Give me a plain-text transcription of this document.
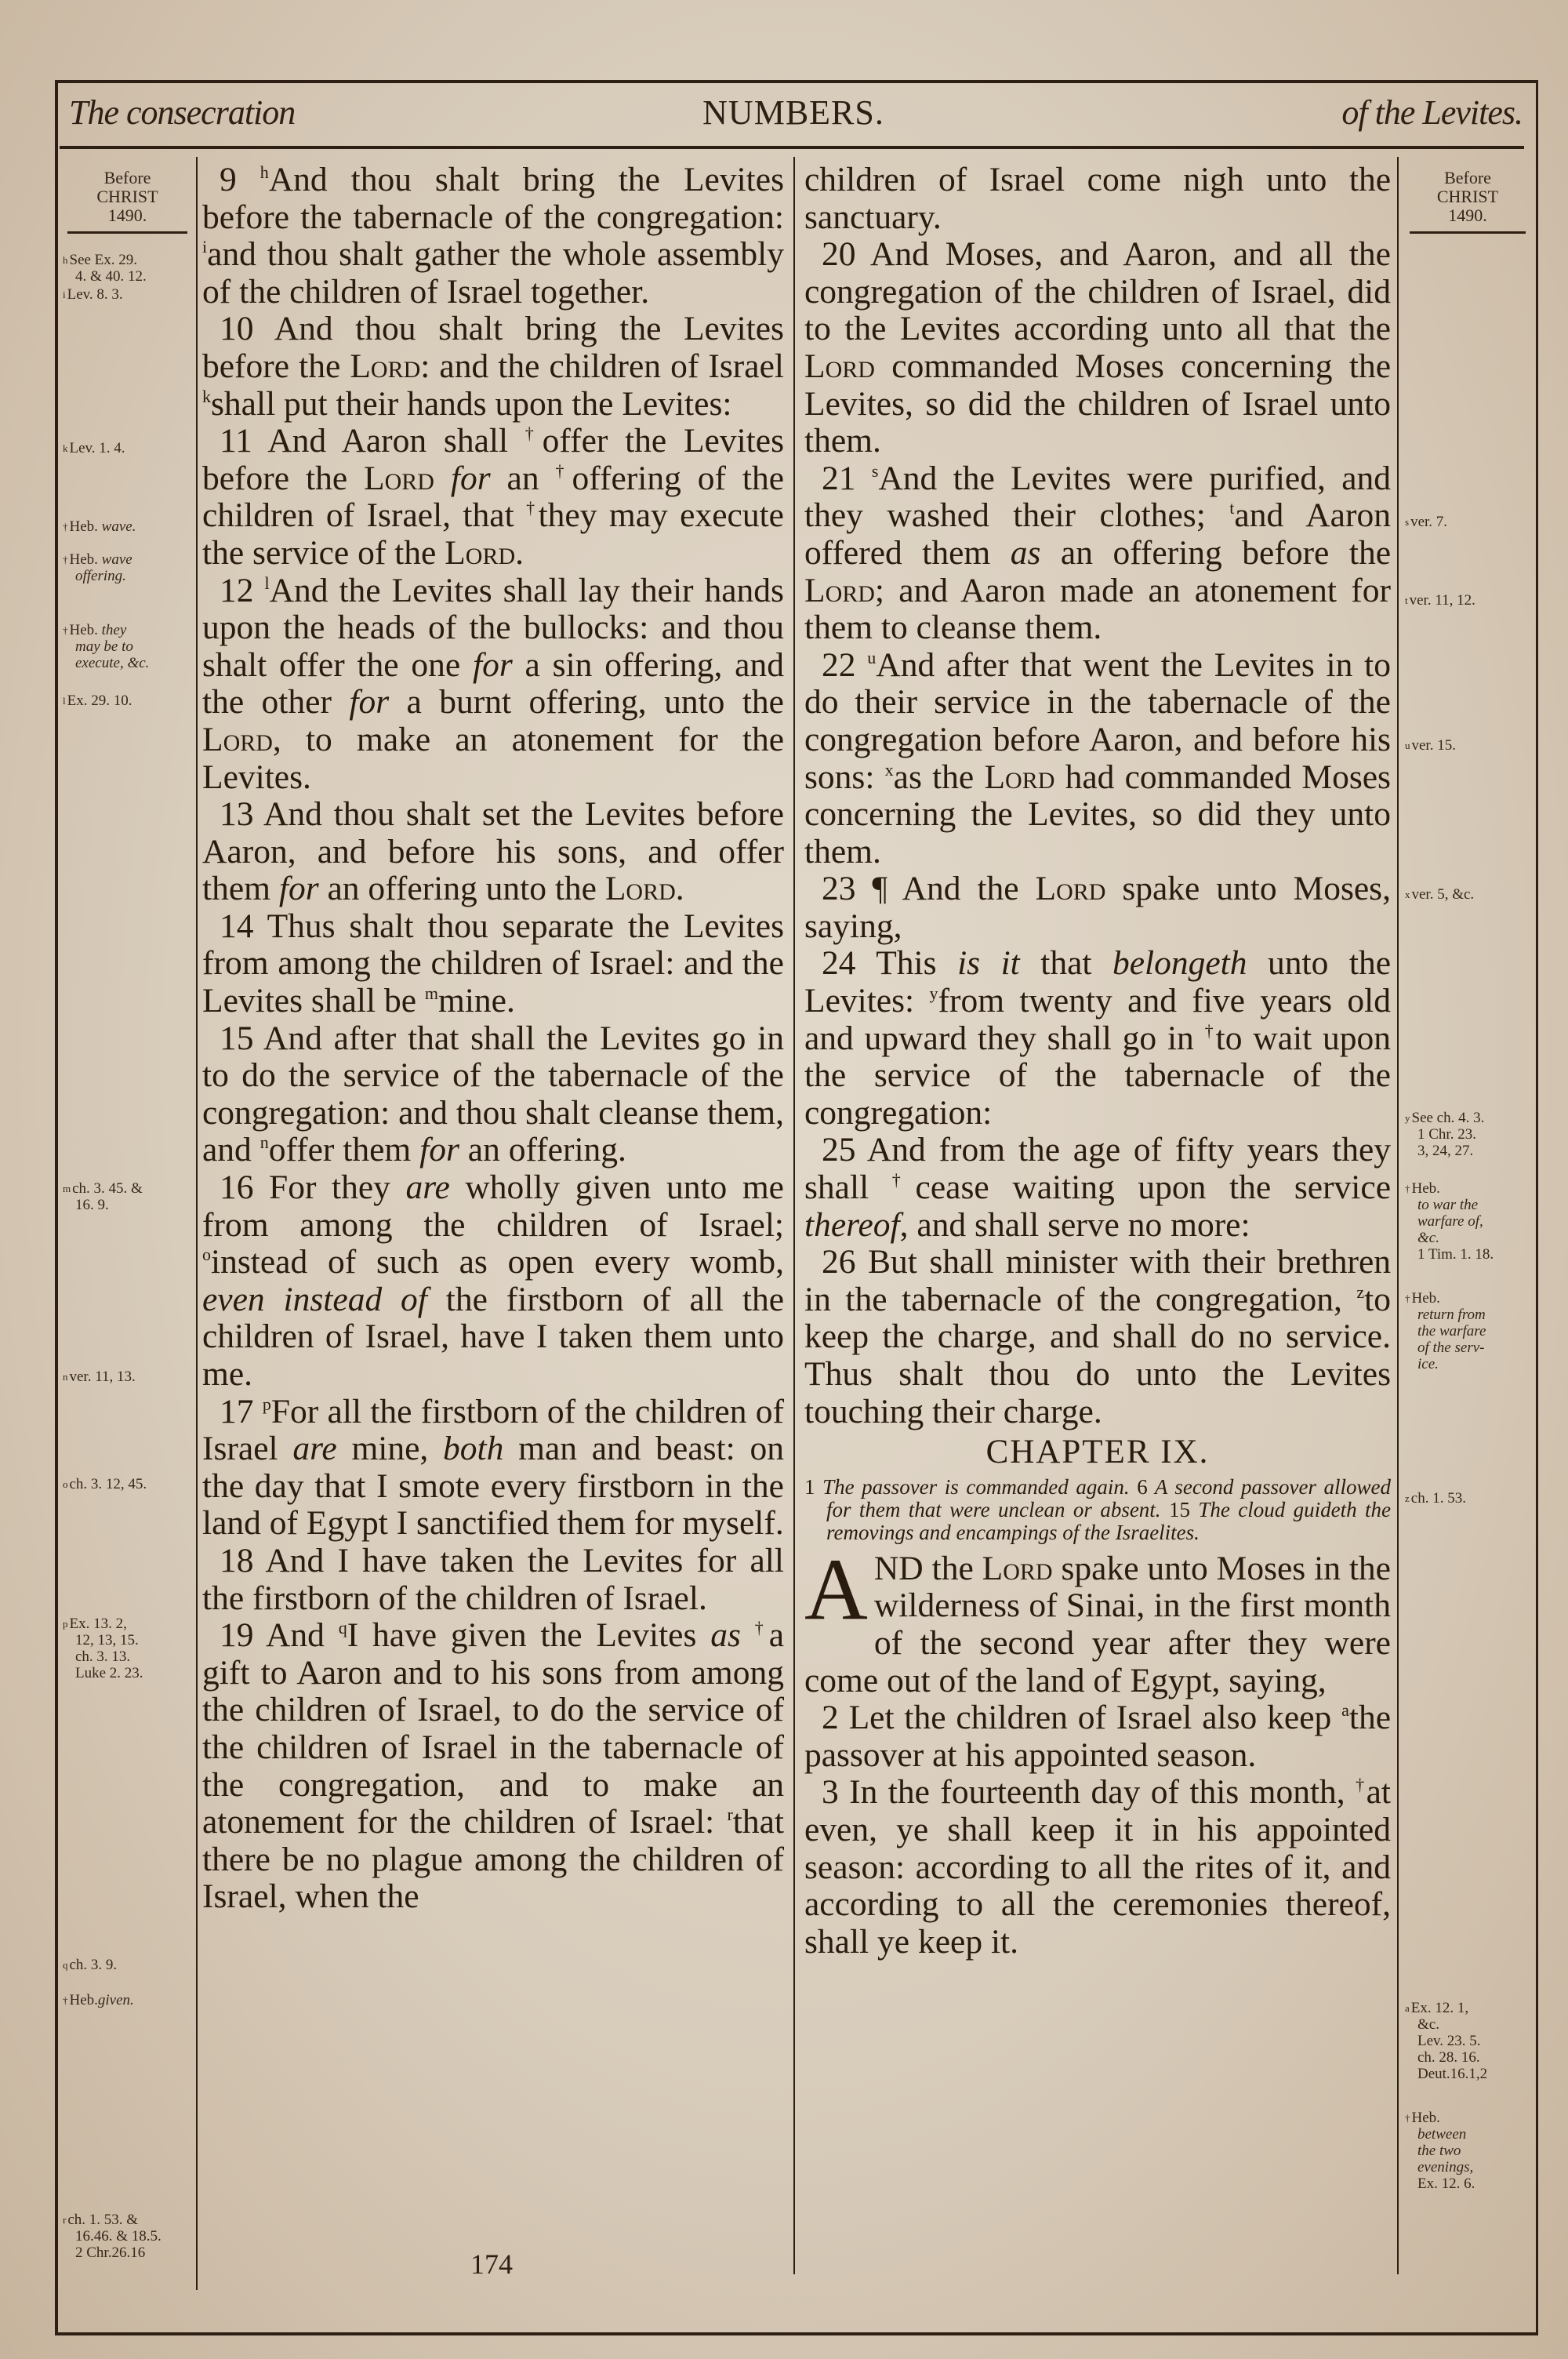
The consecration	NUMBERS.	of the Levites.
Before
CHRIST
1490.
$^h$ See Ex. 29.
4. & 40. 12.
$^i$ Lev. 8. 3.
$^k$ Lev. 1. 4.
† Heb. wave.
† Heb. wave
offering.
† Heb. they
may be to
execute, &c.
$^l$ Ex. 29. 10.
$^m$ ch. 3. 45. &
16. 9.
$^n$ ver. 11, 13.
$^o$ ch. 3. 12, 45.
$^p$ Ex. 13. 2,
12, 13, 15.
ch. 3. 13.
Luke 2. 23.
$^q$ ch. 3. 9.
† Heb.given.
$^r$ ch. 1. 53. &
16.46. & 18.5.
2 Chr.26.16

9 $^h$And thou shalt bring the Levites before the tabernacle of the congregation: $^i$and thou shalt gather the whole assembly of the children of Israel together.

10 And thou shalt bring the Levites before the Lord: and the children of Israel $^k$shall put their hands upon the Levites:

11 And Aaron shall †offer the Levites before the Lord for an †offering of the children of Israel, that †they may execute the service of the Lord.

12 $^l$And the Levites shall lay their hands upon the heads of the bullocks: and thou shalt offer the one for a sin offering, and the other for a burnt offering, unto the Lord, to make an atonement for the Levites.

13 And thou shalt set the Levites before Aaron, and before his sons, and offer them for an offering unto the Lord.

14 Thus shalt thou separate the Levites from among the children of Israel: and the Levites shall be $^m$mine.

15 And after that shall the Levites go in to do the service of the tabernacle of the congregation: and thou shalt cleanse them, and $^n$offer them for an offering.

16 For they are wholly given unto me from among the children of Israel; $^o$instead of such as open every womb, even instead of the firstborn of all the children of Israel, have I taken them unto me.

17 $^p$For all the firstborn of the children of Israel are mine, both man and beast: on the day that I smote every firstborn in the land of Egypt I sanctified them for myself.

18 And I have taken the Levites for all the firstborn of the children of Israel.

19 And $^q$I have given the Levites as †a gift to Aaron and to his sons from among the children of Israel, to do the service of the children of Israel in the tabernacle of the congregation, and to make an atonement for the children of Israel: $^r$that there be no plague among the children of Israel, when the

children of Israel come nigh unto the sanctuary.

20 And Moses, and Aaron, and all the congregation of the children of Israel, did to the Levites according unto all that the Lord commanded Moses concerning the Levites, so did the children of Israel unto them.

21 $^s$And the Levites were purified, and they washed their clothes; $^t$and Aaron offered them as an offering before the Lord; and Aaron made an atonement for them to cleanse them.

22 $^u$And after that went the Levites in to do their service in the tabernacle of the congregation before Aaron, and before his sons: $^x$as the Lord had commanded Moses concerning the Levites, so did they unto them.

23 ¶ And the Lord spake unto Moses, saying,

24 This is it that belongeth unto the Levites: $^y$from twenty and five years old and upward they shall go in †to wait upon the service of the tabernacle of the congregation:

25 And from the age of fifty years they shall †cease waiting upon the service thereof, and shall serve no more:

26 But shall minister with their brethren in the tabernacle of the congregation, $^z$to keep the charge, and shall do no service. Thus shalt thou do unto the Levites touching their charge.

CHAPTER IX.
1 The passover is commanded again. 6 A second passover allowed for them that were unclean or absent. 15 The cloud guideth the removings and encampings of the Israelites.

AND the Lord spake unto Moses in the wilderness of Sinai, in the first month of the second year after they were come out of the land of Egypt, saying,

2 Let the children of Israel also keep $^a$the passover at his appointed season.

3 In the fourteenth day of this month, †at even, ye shall keep it in his appointed season: according to all the rites of it, and according to all the ceremonies thereof, shall ye keep it.

Before
CHRIST
1490.
$^s$ ver. 7.
$^t$ ver. 11, 12.
$^u$ ver. 15.
$^x$ ver. 5, &c.
$^y$ See ch. 4. 3.
1 Chr. 23.
3, 24, 27.
† Heb.
to war the
warfare of,
&c.
1 Tim. 1. 18.
† Heb.
return from
the warfare
of the serv-
ice.
$^z$ ch. 1. 53.
$^a$ Ex. 12. 1,
&c.
Lev. 23. 5.
ch. 28. 16.
Deut.16.1,2
† Heb.
between
the two
evenings,
Ex. 12. 6.
174
